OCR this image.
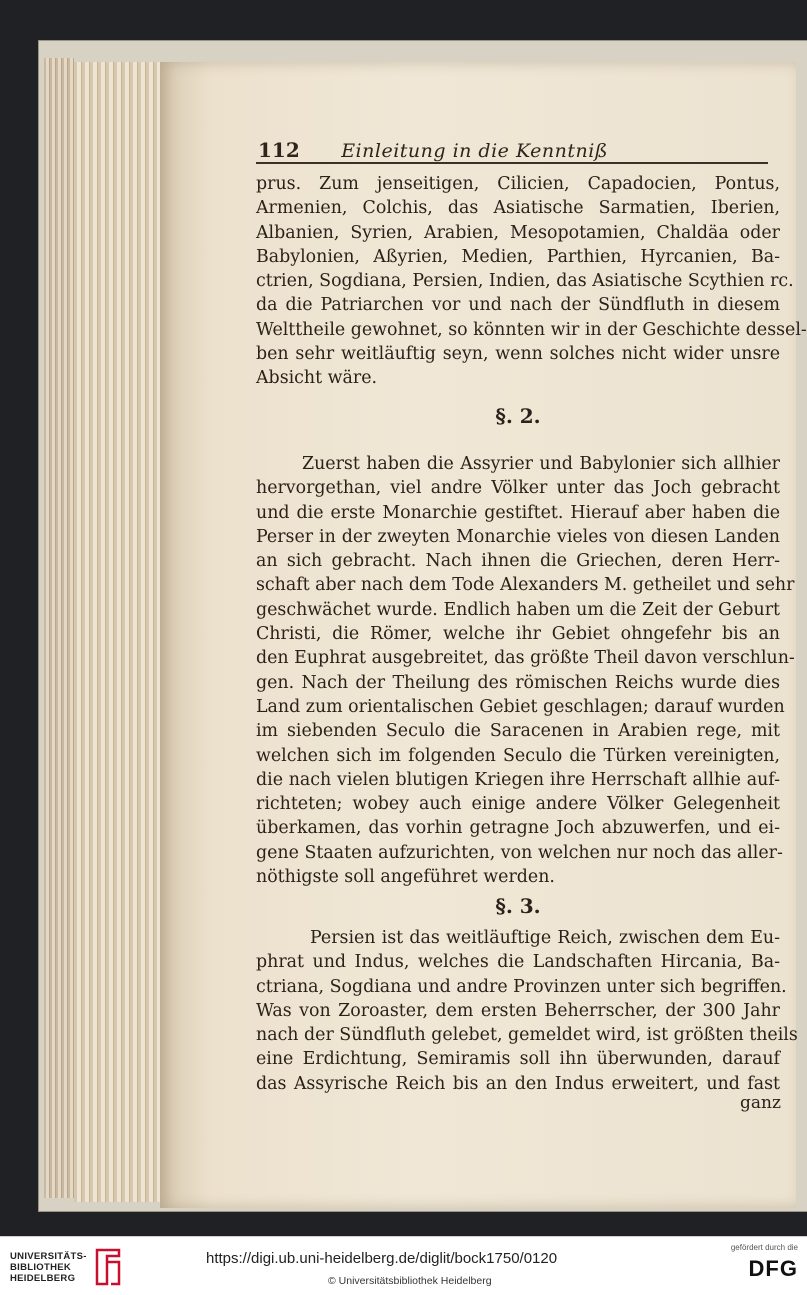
112 Einleitung in die Kenntniß
prus. Zum jenseitigen, Cilicien, Capadocien, Pontus,
Armenien, Colchis, das Asiatische Sarmatien, Iberien,
Albanien, Syrien, Arabien, Mesopotamien, Chaldäa oder
Babylonien, Aßyrien, Medien, Parthien, Hyrcanien, Ba-
ctrien, Sogdiana, Persien, Indien, das Asiatische Scythien rc.
da die Patriarchen vor und nach der Sündfluth in diesem
Welttheile gewohnet, so könnten wir in der Geschichte dessel-
ben sehr weitläuftig seyn, wenn solches nicht wider unsre
Absicht wäre.
§. 2.
Zuerst haben die Assyrier und Babylonier sich allhier
hervorgethan, viel andre Völker unter das Joch gebracht
und die erste Monarchie gestiftet. Hierauf aber haben die
Perser in der zweyten Monarchie vieles von diesen Landen
an sich gebracht. Nach ihnen die Griechen, deren Herr-
schaft aber nach dem Tode Alexanders M. getheilet und sehr
geschwächet wurde. Endlich haben um die Zeit der Geburt
Christi, die Römer, welche ihr Gebiet ohngefehr bis an
den Euphrat ausgebreitet, das größte Theil davon verschlun-
gen. Nach der Theilung des römischen Reichs wurde dies
Land zum orientalischen Gebiet geschlagen; darauf wurden
im siebenden Seculo die Saracenen in Arabien rege, mit
welchen sich im folgenden Seculo die Türken vereinigten,
die nach vielen blutigen Kriegen ihre Herrschaft allhie auf-
richteten; wobey auch einige andere Völker Gelegenheit
überkamen, das vorhin getragne Joch abzuwerfen, und ei-
gene Staaten aufzurichten, von welchen nur noch das aller-
nöthigste soll angeführet werden.
§. 3.
Persien ist das weitläuftige Reich, zwischen dem Eu-
phrat und Indus, welches die Landschaften Hircania, Ba-
ctriana, Sogdiana und andre Provinzen unter sich begriffen.
Was von Zoroaster, dem ersten Beherrscher, der 300 Jahr
nach der Sündfluth gelebet, gemeldet wird, ist größten theils
eine Erdichtung, Semiramis soll ihn überwunden, darauf
das Assyrische Reich bis an den Indus erweitert, und fast
ganz
UNIVERSITÄTS-
BIBLIOTHEK
HEIDELBERG
https://digi.ub.uni-heidelberg.de/diglit/bock1750/0120
© Universitätsbibliothek Heidelberg
gefördert durch die
DFG
